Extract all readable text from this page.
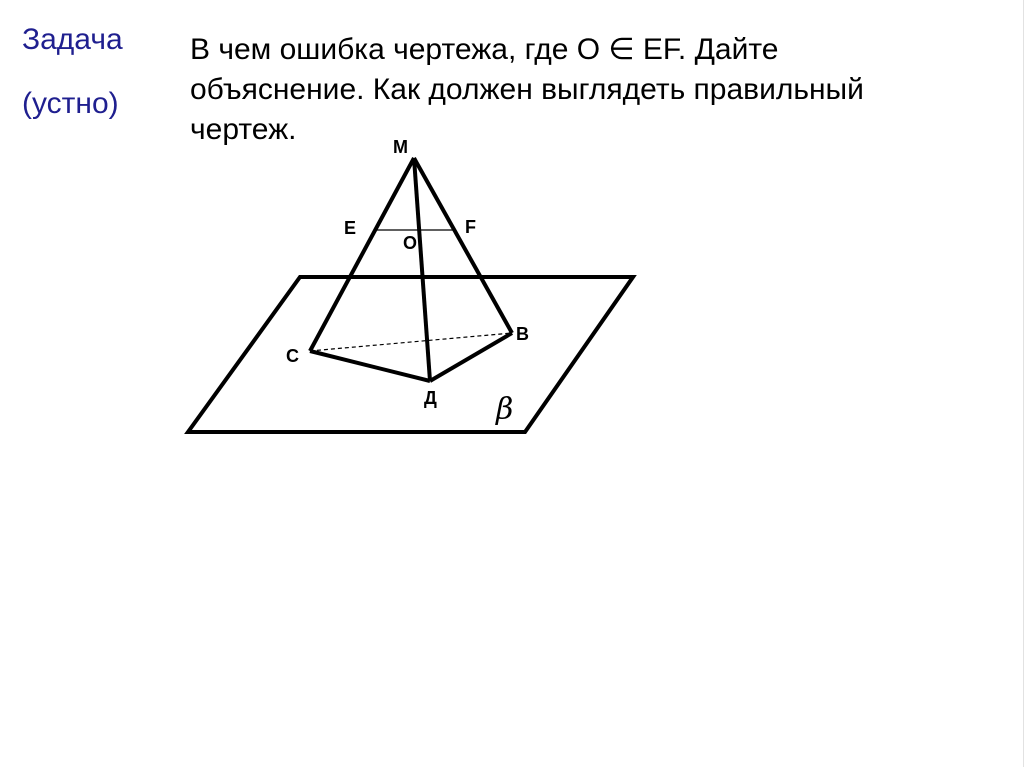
Задача
(устно)
В чем ошибка чертежа, где O ∈ EF. Дайте
объяснение. Как должен выглядеть правильный
чертеж.
М
Е	F
О
В
С
Д β
